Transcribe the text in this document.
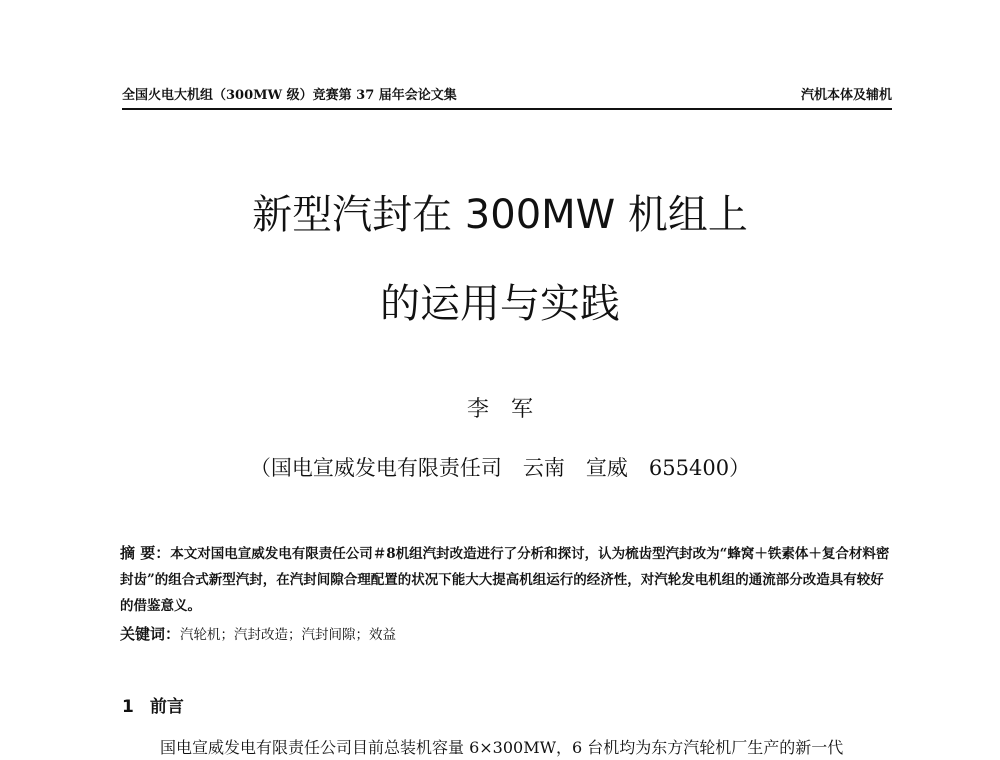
全国火电大机组（300MW 级）竞赛第 37 届年会论文集	汽机本体及辅机
新型汽封在 300MW 机组上
的运用与实践
李军
（国电宣威发电有限责任司　云南　宣威　655400）
摘 要：本文对国电宣威发电有限责任公司＃8机组汽封改造进行了分析和探讨，认为梳齿型汽封改为“蜂窝＋铁素体＋复合材料密封齿”的组合式新型汽封，在汽封间隙合理配置的状况下能大大提高机组运行的经济性，对汽轮发电机组的通流部分改造具有较好的借鉴意义。
关键词：汽轮机；汽封改造；汽封间隙；效益
1 前言
国电宣威发电有限责任公司目前总装机容量 6×300MW，6 台机均为东方汽轮机厂生产的新一代
